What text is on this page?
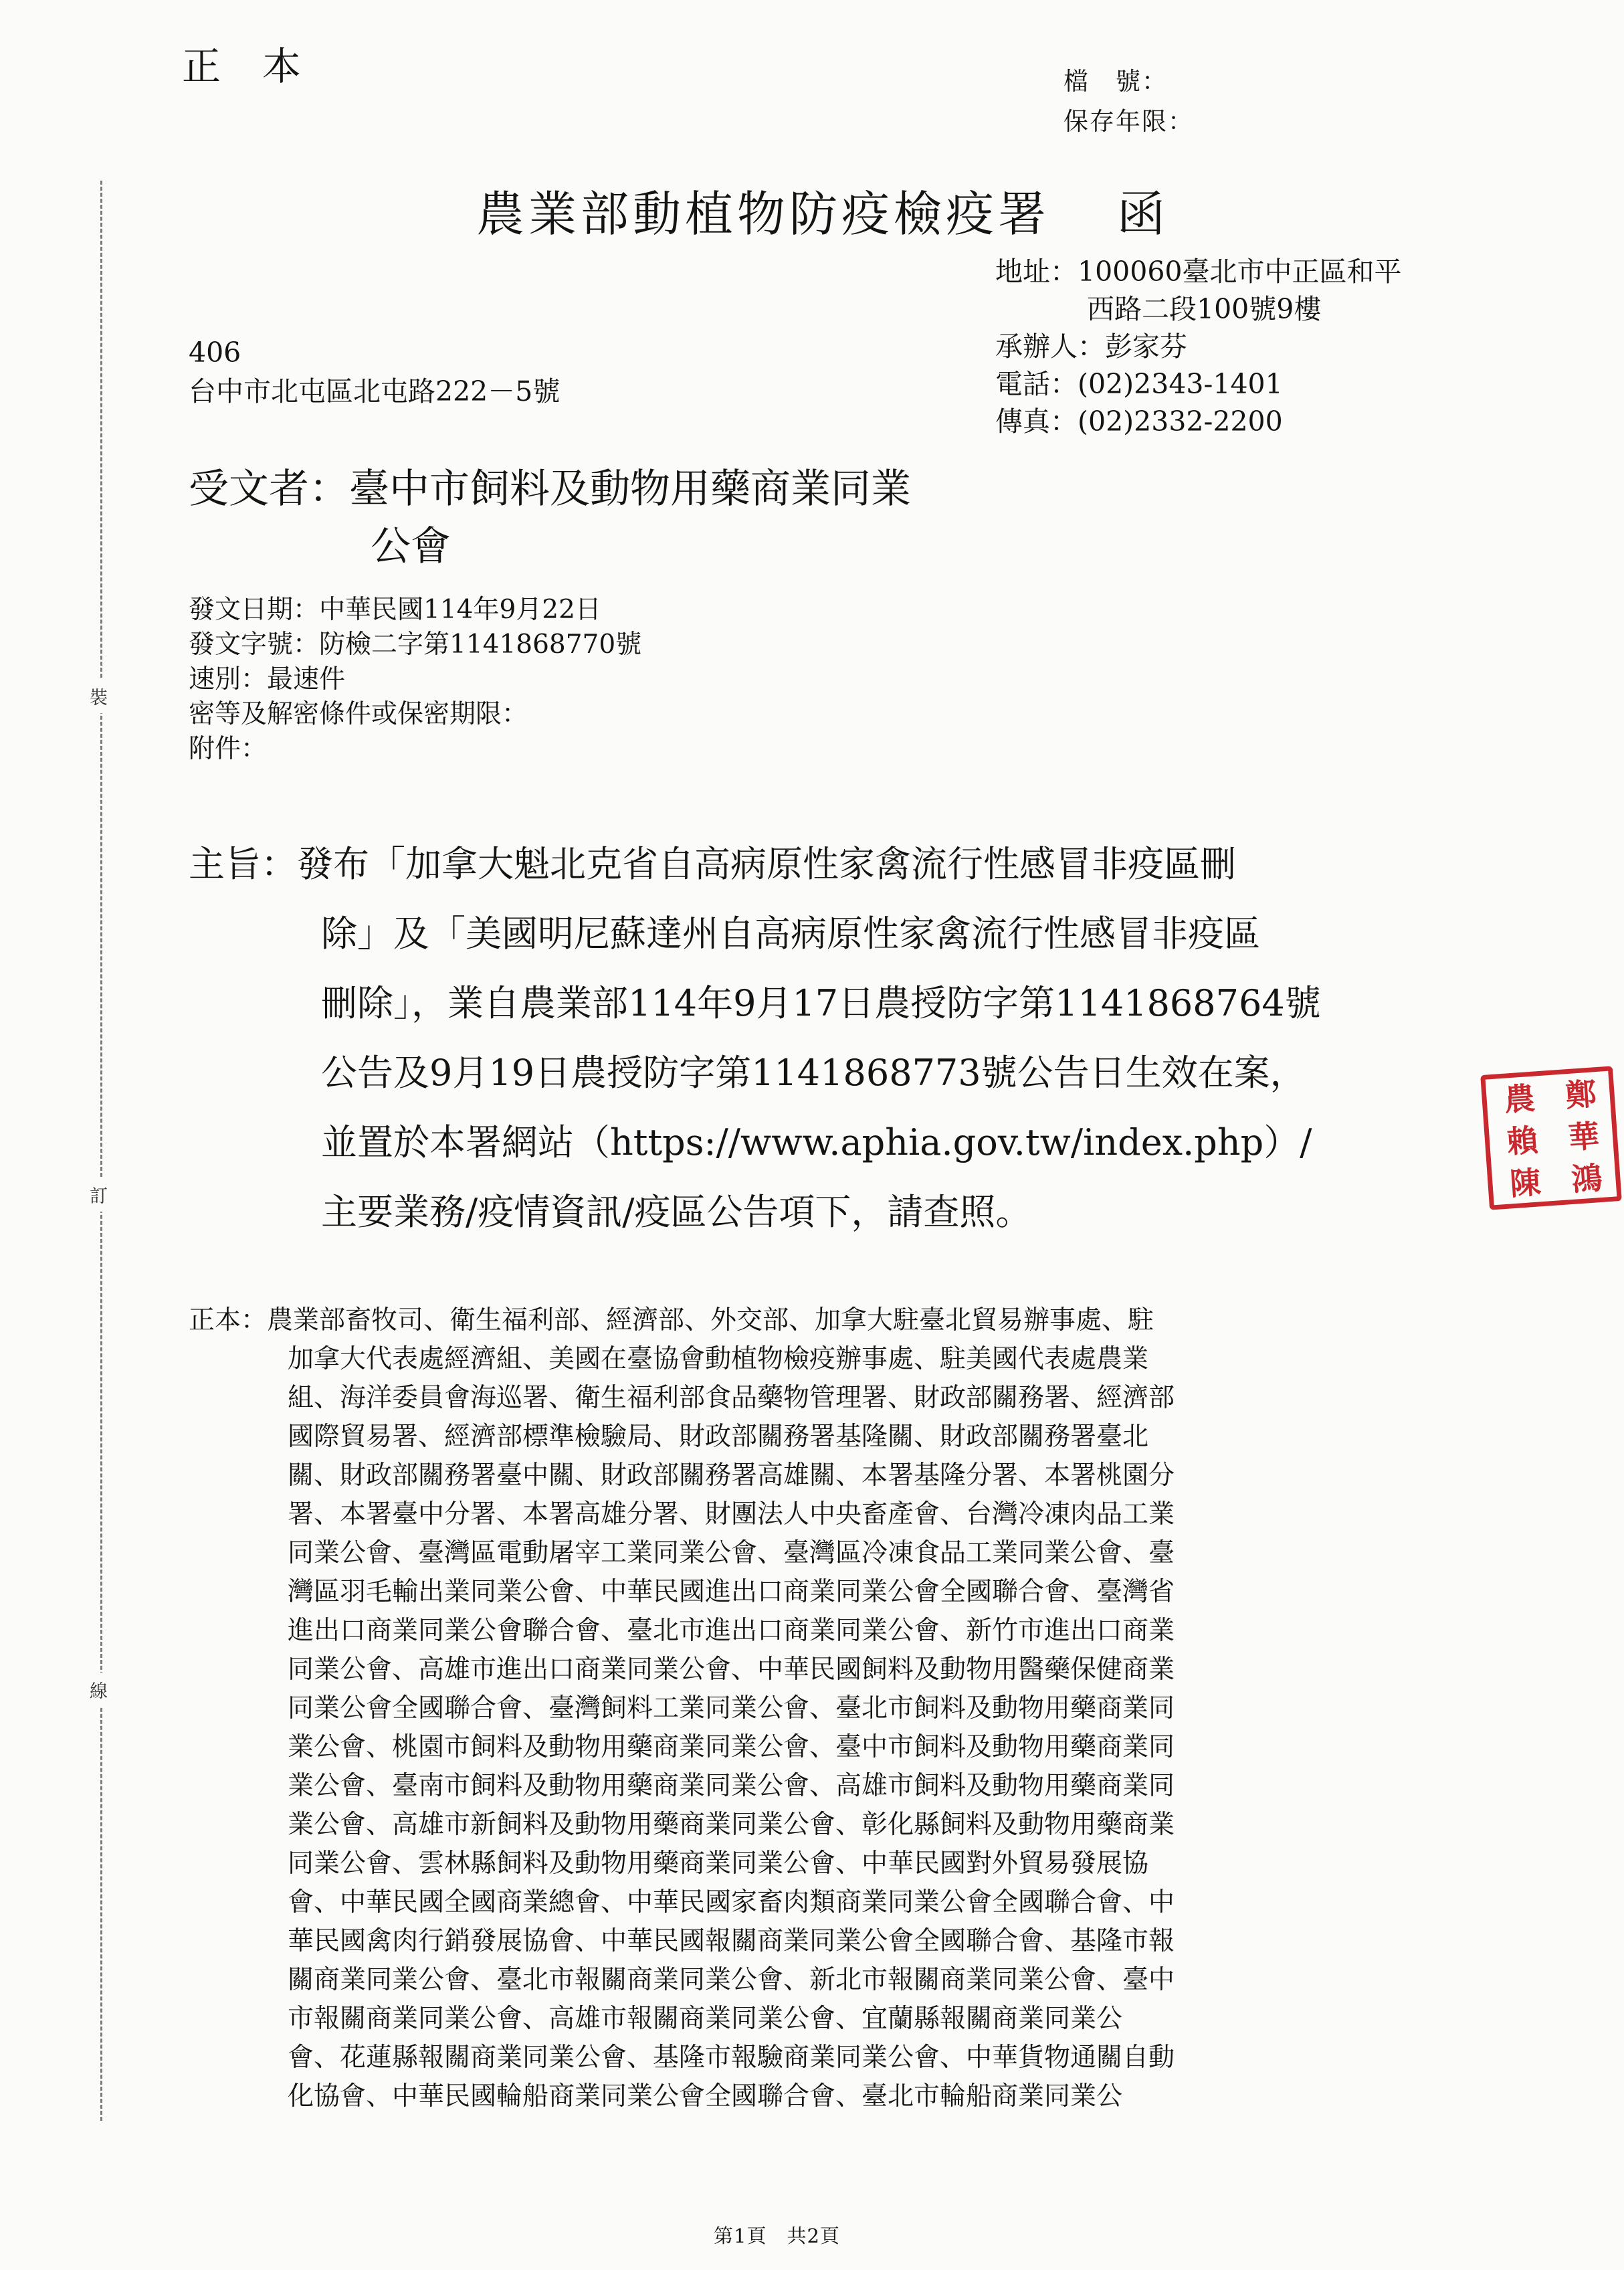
裝
訂
線
正本	檔　號：
保存年限：
農業部動植物防疫檢疫署 函
地址：100060臺北市中正區和平
西路二段100號9樓
承辦人：彭家芬
電話：(02)2343-1401
傳真：(02)2332-2200
406
台中市北屯區北屯路222－5號
受文者：臺中市飼料及動物用藥商業同業
公會
發文日期：中華民國114年9月22日
發文字號：防檢二字第1141868770號
速別：最速件
密等及解密條件或保密期限：
附件：
主旨：發布「加拿大魁北克省自高病原性家禽流行性感冒非疫區刪
除」及「美國明尼蘇達州自高病原性家禽流行性感冒非疫區
刪除」，業自農業部114年9月17日農授防字第1141868764號
公告及9月19日農授防字第1141868773號公告日生效在案，
並置於本署網站（https://www.aphia.gov.tw/index.php）/
主要業務/疫情資訊/疫區公告項下，請查照。
正本：農業部畜牧司、衛生福利部、經濟部、外交部、加拿大駐臺北貿易辦事處、駐
加拿大代表處經濟組、美國在臺協會動植物檢疫辦事處、駐美國代表處農業
組、海洋委員會海巡署、衛生福利部食品藥物管理署、財政部關務署、經濟部
國際貿易署、經濟部標準檢驗局、財政部關務署基隆關、財政部關務署臺北
關、財政部關務署臺中關、財政部關務署高雄關、本署基隆分署、本署桃園分
署、本署臺中分署、本署高雄分署、財團法人中央畜產會、台灣冷凍肉品工業
同業公會、臺灣區電動屠宰工業同業公會、臺灣區冷凍食品工業同業公會、臺
灣區羽毛輸出業同業公會、中華民國進出口商業同業公會全國聯合會、臺灣省
進出口商業同業公會聯合會、臺北市進出口商業同業公會、新竹市進出口商業
同業公會、高雄市進出口商業同業公會、中華民國飼料及動物用醫藥保健商業
同業公會全國聯合會、臺灣飼料工業同業公會、臺北市飼料及動物用藥商業同
業公會、桃園市飼料及動物用藥商業同業公會、臺中市飼料及動物用藥商業同
業公會、臺南市飼料及動物用藥商業同業公會、高雄市飼料及動物用藥商業同
業公會、高雄市新飼料及動物用藥商業同業公會、彰化縣飼料及動物用藥商業
同業公會、雲林縣飼料及動物用藥商業同業公會、中華民國對外貿易發展協
會、中華民國全國商業總會、中華民國家畜肉類商業同業公會全國聯合會、中
華民國禽肉行銷發展協會、中華民國報關商業同業公會全國聯合會、基隆市報
關商業同業公會、臺北市報關商業同業公會、新北市報關商業同業公會、臺中
市報關商業同業公會、高雄市報關商業同業公會、宜蘭縣報關商業同業公
會、花蓮縣報關商業同業公會、基隆市報驗商業同業公會、中華貨物通關自動
化協會、中華民國輪船商業同業公會全國聯合會、臺北市輪船商業同業公
鄭
華
鴻
農
賴
陳
第1頁　共2頁
